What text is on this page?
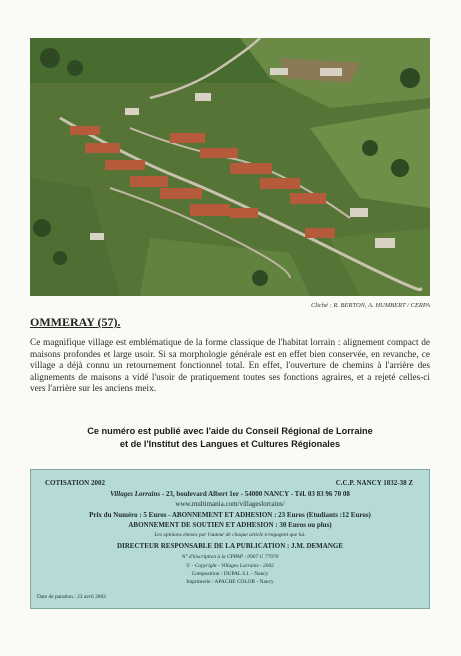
Cliché : R. BERTON, A. HUMBERT / CERPA
OMMERAY (57).
Ce magnifique village est emblématique de la forme classique de l'habitat lorrain : alignement compact de maisons profondes et large usoir. Si sa morphologie générale est en effet bien conservée, en revanche, ce village a déjà connu un retournement fonctionnel total. En effet, l'ouverture de chemins à l'arrière des alignements de maisons a vidé l'usoir de pratiquement toutes ses fonctions agraires, et a rejeté celles-ci vers l'arrière sur les anciens meix.
Ce numéro est publié avec l'aide du Conseil Régional de Lorraine
et de l'Institut des Langues et Cultures Régionales
COTISATION 2002	C.C.P. NANCY 1832-38 Z
Villages Lorrains - 23, boulevard Albert 1er - 54000 NANCY - Tél. 03 83 96 70 08
www.multimania.com/villageslorrains/
Prix du Numéro : 5 Euros - ABONNEMENT ET ADHESION : 23 Euros (Etudiants :12 Euros)
ABONNEMENT DE SOUTIEN ET ADHESION : 30 Euros ou plus)
Les opinions émises par l'auteur de chaque article n'engagent que lui.
DIRECTEUR RESPONSABLE DE LA PUBLICATION : J.M. DEMANGE
N° d'inscription à la CPPAP : 0907 G 77970
© - Copyright - Villages Lorrains - 2002
Composition : DUPAL S.I. - Nancy
Imprimerie : APACHE COLOR - Nancy
Date de parution : 23 avril 2002
